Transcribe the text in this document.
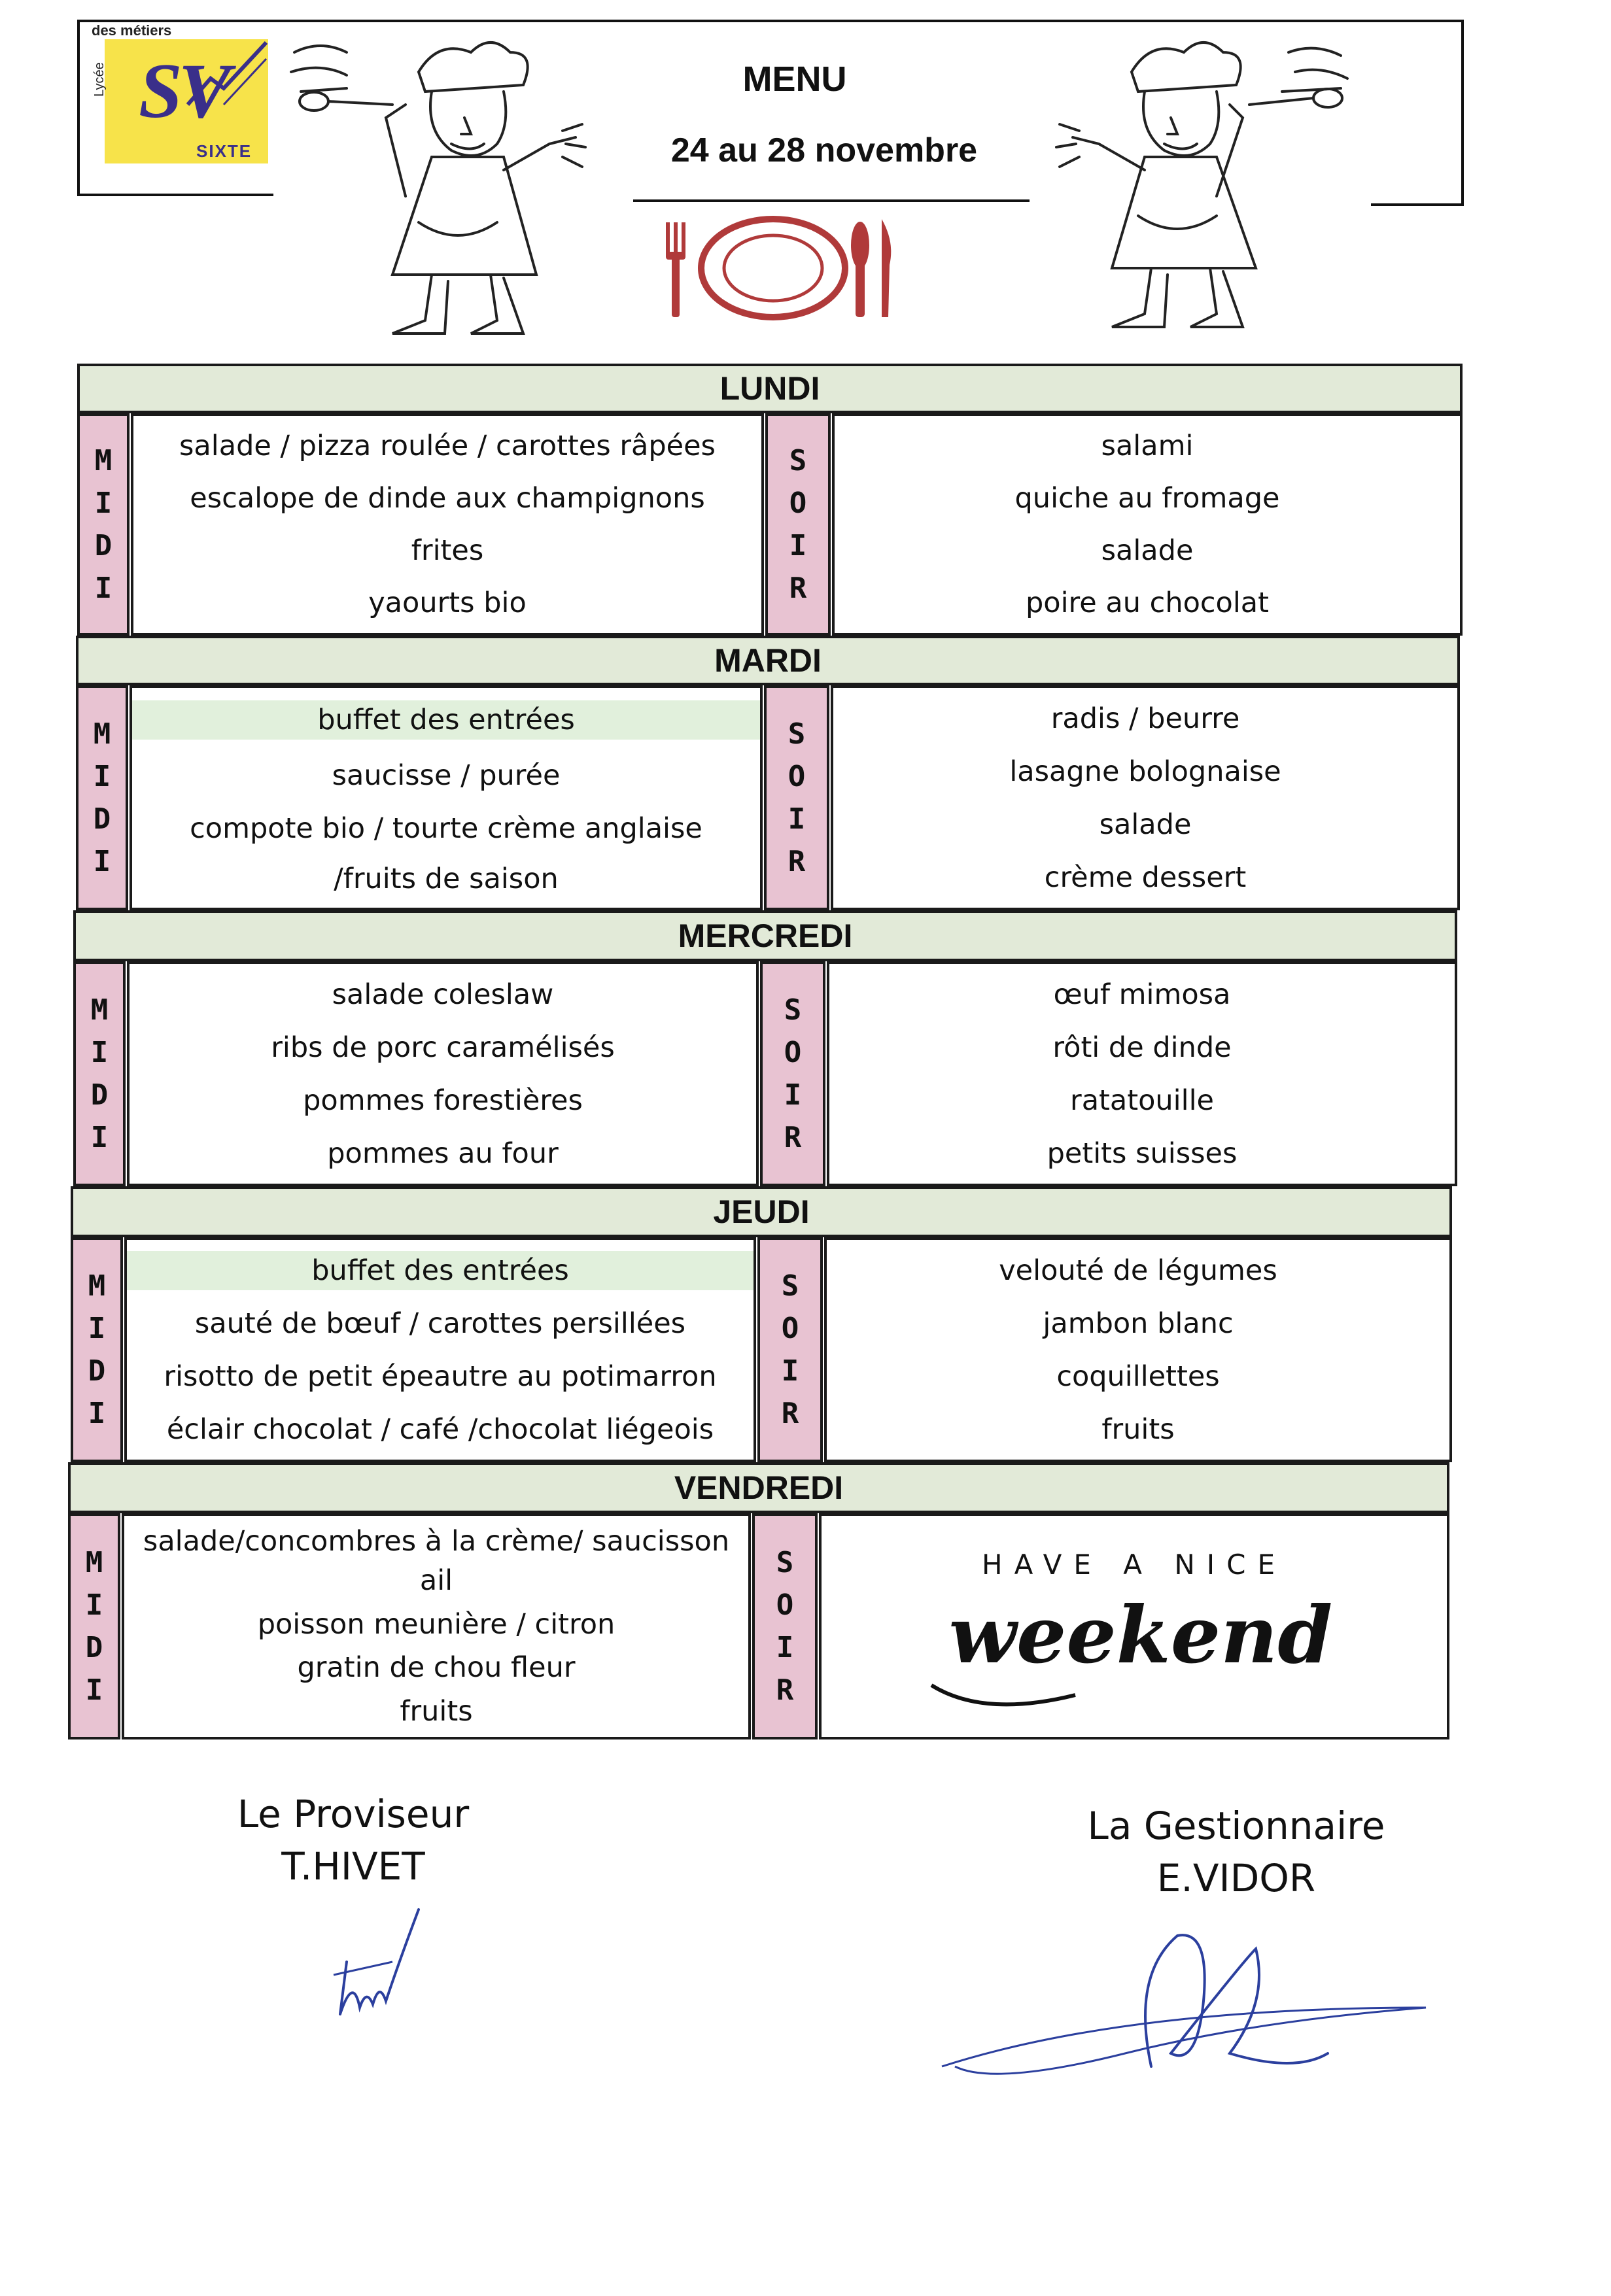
des métiers
Lycée SV
SIXTE
MENU
24 au 28 novembre
LUNDI
M
I
D
I
salade / pizza roulée / carottes râpées
escalope de dinde aux champignons
frites
yaourts bio
S
O
I
R
salami
quiche au fromage
salade
poire au chocolat
MARDI
M
I
D
I
buffet des entrées
saucisse / purée
compote bio / tourte crème anglaise
/fruits de saison
S
O
I
R
radis / beurre
lasagne bolognaise
salade
crème dessert
MERCREDI
M
I
D
I
salade coleslaw
ribs de porc caramélisés
pommes forestières
pommes au four
S
O
I
R
œuf mimosa
rôti de dinde
ratatouille
petits suisses
JEUDI
M
I
D
I
buffet des entrées
sauté de bœuf / carottes persillées
risotto de petit épeautre au potimarron
éclair chocolat / café /chocolat liégeois
S
O
I
R
velouté de légumes
jambon blanc
coquillettes
fruits
VENDREDI
M
I
D
I
salade/concombres à la crème/ saucisson ail
poisson meunière / citron
gratin de chou fleur
fruits
S
O
I
R
HAVE A NICE
weekend
Le Proviseur
T.HIVET
La Gestionnaire
E.VIDOR
